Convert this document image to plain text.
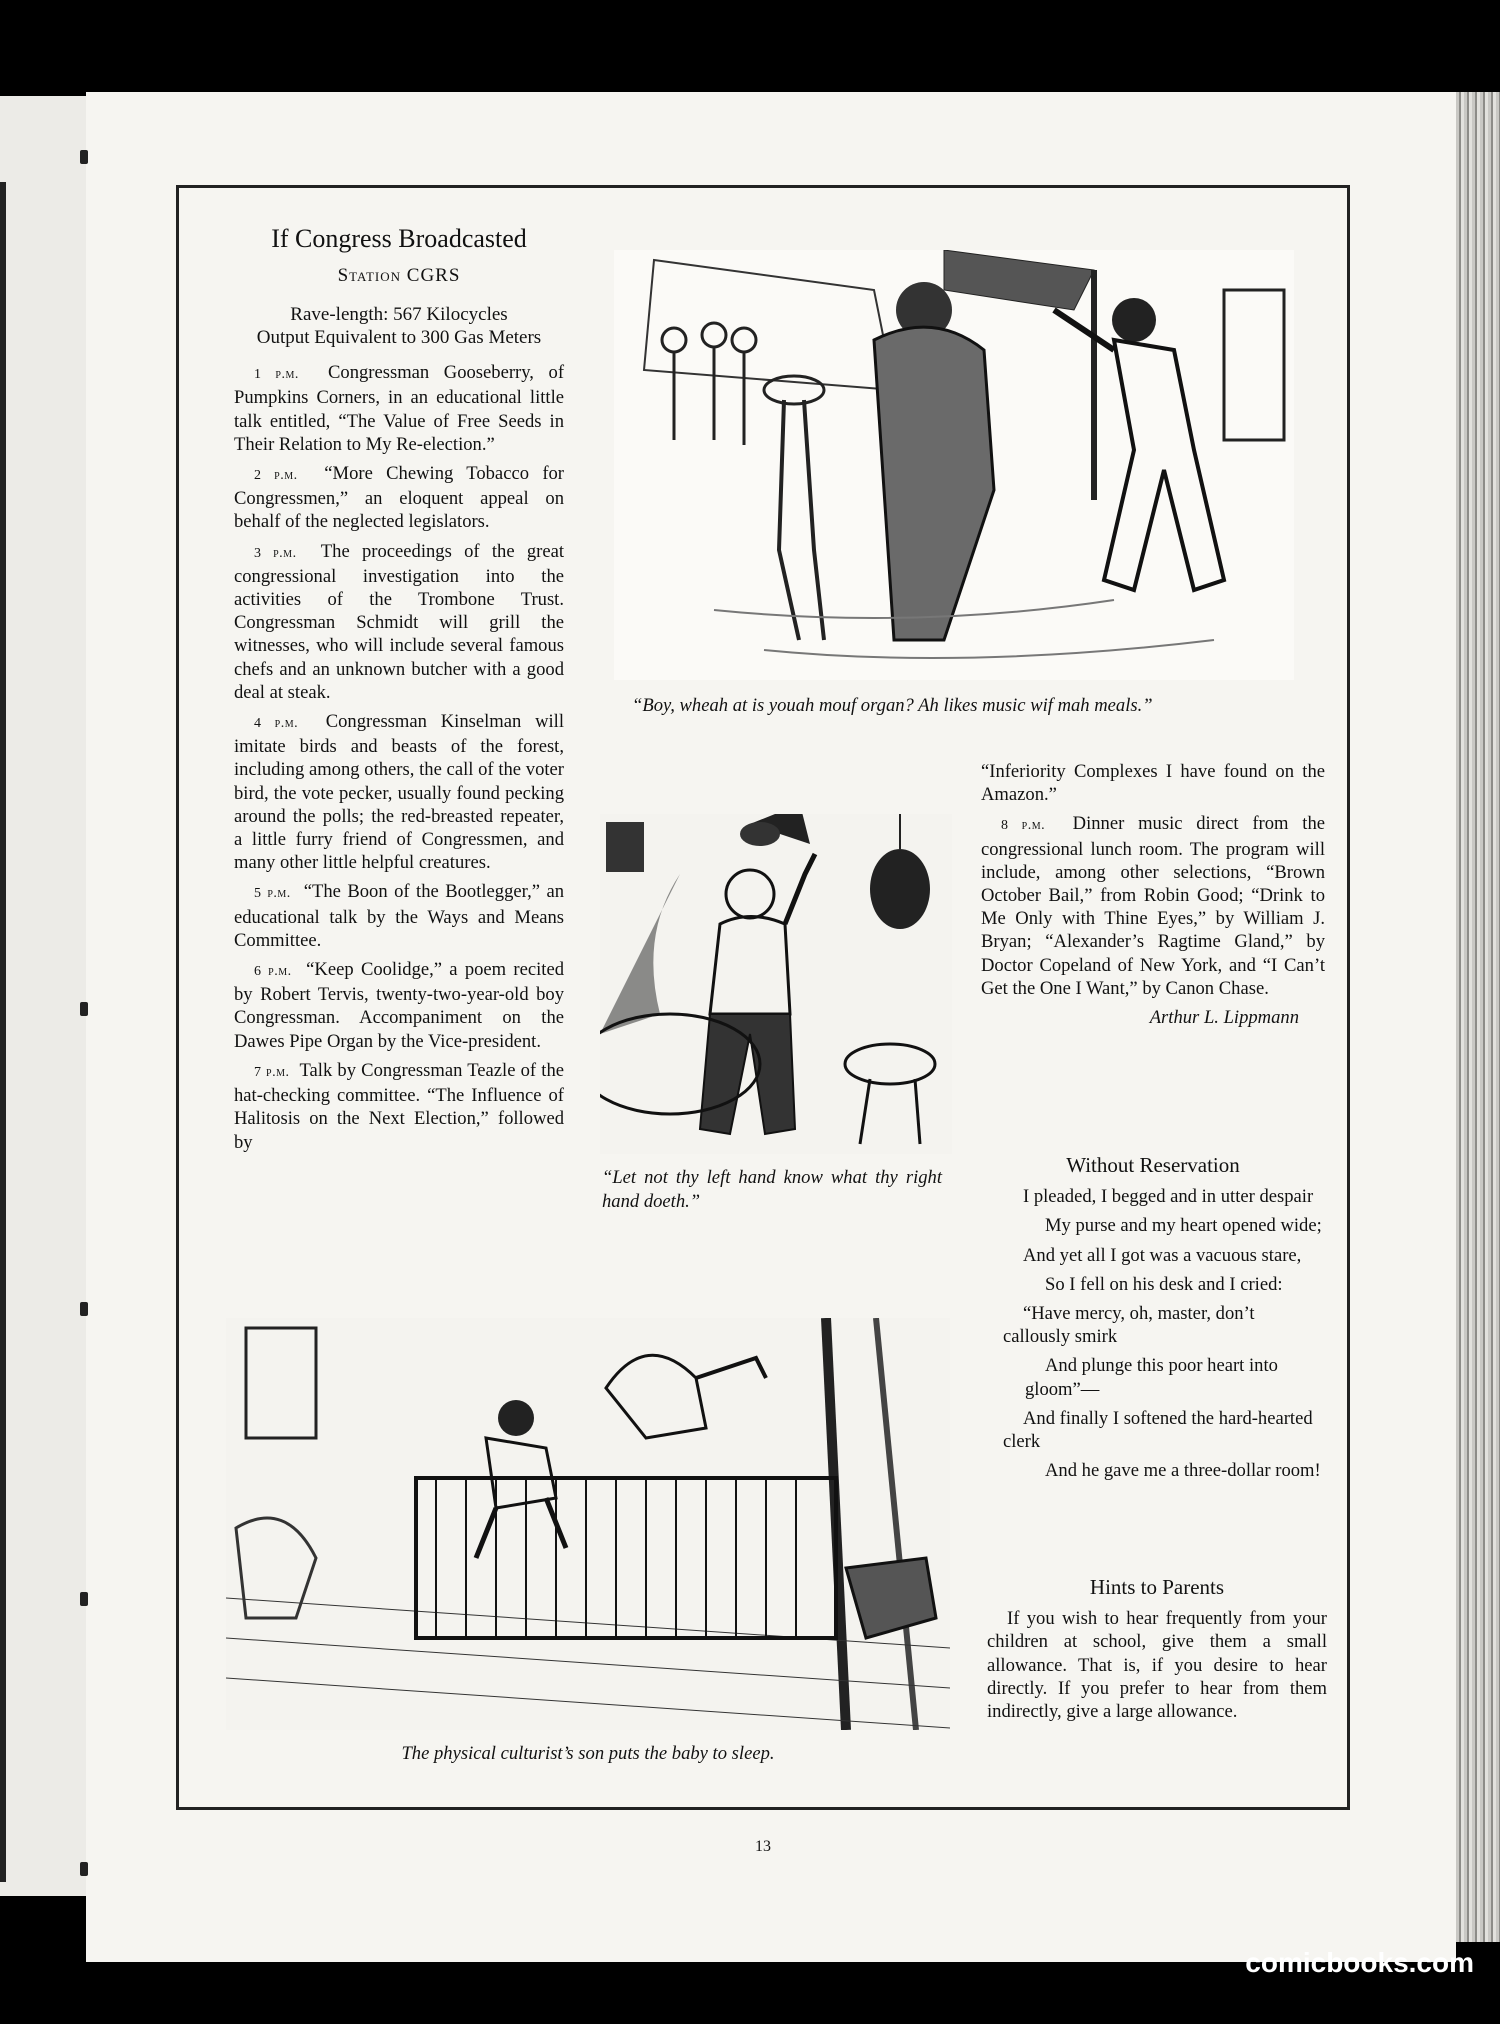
If Congress Broadcasted
Station CGRS
Rave-length: 567 Kilocycles
Output Equivalent to 300 Gas Meters

1 p.m. Congressman Gooseberry, of Pumpkins Corners, in an educational little talk entitled, “The Value of Free Seeds in Their Relation to My Re-election.”

2 p.m. “More Chewing Tobacco for Congressmen,” an eloquent appeal on behalf of the neglected legislators.

3 p.m. The proceedings of the great congressional investigation into the activities of the Trombone Trust. Congressman Schmidt will grill the witnesses, who will include several famous chefs and an unknown butcher with a good deal at steak.

4 p.m. Congressman Kinselman will imitate birds and beasts of the forest, including among others, the call of the voter bird, the vote pecker, usually found pecking around the polls; the red-breasted repeater, a little furry friend of Congressmen, and many other little helpful creatures.

5 p.m. “The Boon of the Bootlegger,” an educational talk by the Ways and Means Committee.

6 p.m. “Keep Coolidge,” a poem recited by Robert Tervis, twenty-two-year-old boy Congressman. Accompaniment on the Dawes Pipe Organ by the Vice-president.

7 p.m. Talk by Congressman Teazle of the hat-checking committee. “The Influence of Halitosis on the Next Election,” followed by

“Boy, wheah at is youah mouf organ? Ah likes music wif mah meals.”
“Let not thy left hand know what thy right hand doeth.”

“Inferiority Complexes I have found on the Amazon.”

8 p.m. Dinner music direct from the congressional lunch room. The program will include, among other selections, “Brown October Bail,” from Robin Good; “Drink to Me Only with Thine Eyes,” by William J. Bryan; “Alexander’s Ragtime Gland,” by Doctor Copeland of New York, and “I Can’t Get the One I Want,” by Canon Chase.

Arthur L. Lippmann

Without Reservation

I pleaded, I begged and in utter despair

My purse and my heart opened wide;

And yet all I got was a vacuous stare,

So I fell on his desk and I cried:

“Have mercy, oh, master, don’t callously smirk

And plunge this poor heart into gloom”—

And finally I softened the hard-hearted clerk

And he gave me a three-dollar room!

Hints to Parents

If you wish to hear frequently from your children at school, give them a small allowance. That is, if you desire to hear directly. If you prefer to hear from them indirectly, give a large allowance.

The physical culturist’s son puts the baby to sleep.
13
comicbooks.com
